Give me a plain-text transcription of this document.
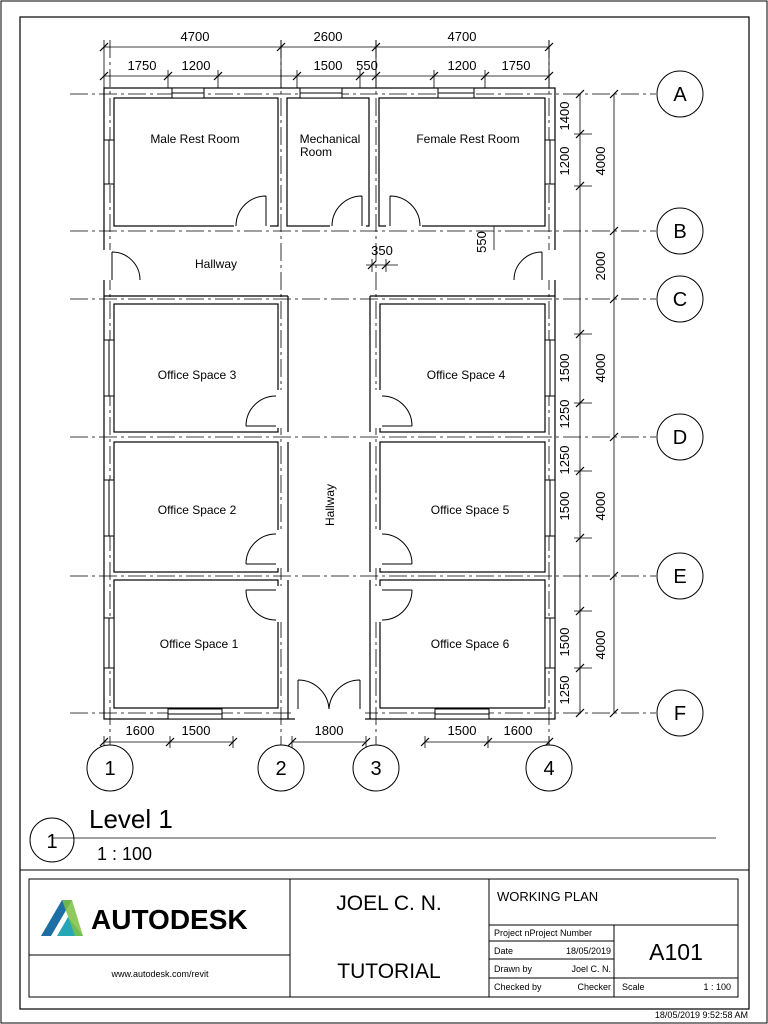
A
B
C
D
E
F
1	2	3	4
1
4700	2600	4700
1750 1200	1500 550	1200 1750
1600 1500	1800	1500 1600
350
4000
2000
4000
4000
4000
1400
1200
1500
1250
1250
1500
1500
1250
550
Male Rest Room	Mechanical
Room
Female Rest Room
Hallway
Office Space 3	Office Space 4
Office Space 2	Office Space 5
Office Space 1	Office Space 6
Hallway
Level 1
1 : 100
AUTODESK
www.autodesk.com/revit
JOEL C. N.
TUTORIAL
WORKING PLAN
Project nProject Number
Date	18/05/2019
Drawn by	Joel C. N.
Checked by	Checker
A101
Scale	1 : 100
18/05/2019 9:52:58 AM
